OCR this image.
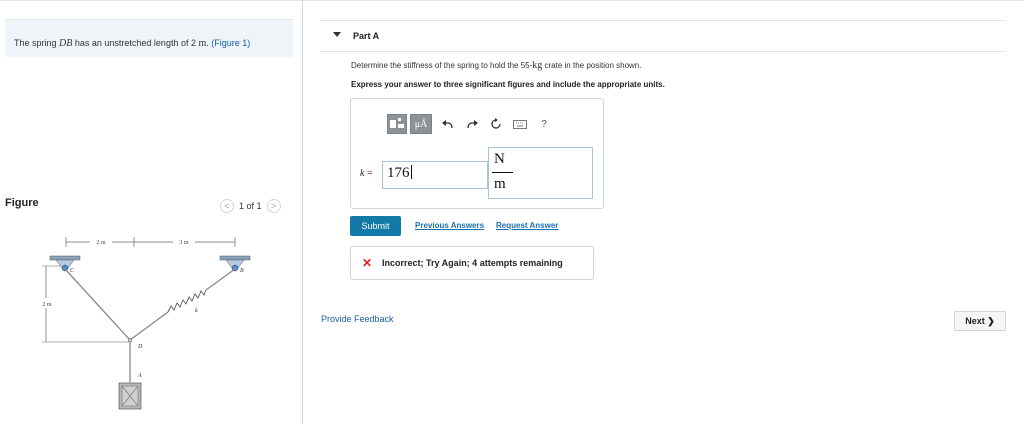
The spring DB has an unstretched length of 2 m. (Figure 1)
Figure	<	1 of 1	>
2 m	3 m
2 m
C	B
k
D
A
Part A
Determine the stiffness of the spring to hold the 55-kg crate in the position shown.
Express your answer to three significant figures and include the appropriate units.
μÅ	?
k = 176
N
m
Submit	Previous Answers Request Answer
✕ Incorrect; Try Again; 4 attempts remaining
Provide Feedback	Next ❯
